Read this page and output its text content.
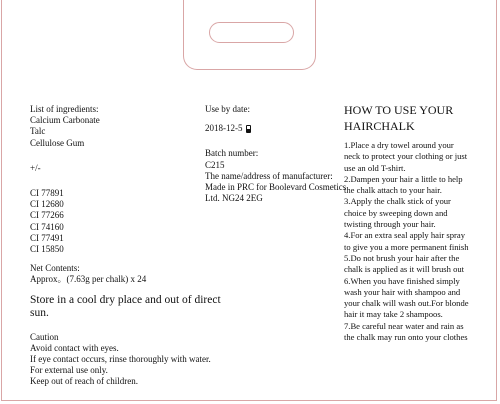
List of ingredients:
Calcium Carbonate
Talc
Cellulose Gum
+/-
CI 77891
CI 12680
CI 77266
CI 74160
CI 77491
CI 15850
Net Contents:
Approx。(7.63g per chalk) x 24
Store in a cool dry place and out of direct
sun.
Caution
Avoid contact with eyes.
If eye contact occurs, rinse thoroughly with water.
For external use only.
Keep out of reach of children.
Use by date:
2018-12-5
Batch number:
C215
The name/address of manufacturer:
Made in PRC for Boolevard Cosmetics
Ltd. NG24 2EG
HOW TO USE YOUR
HAIRCHALK
1.Place a dry towel around your
neck to protect your clothing or just
use an old T-shirt.
2.Dampen your hair a little to help
the chalk attach to your hair.
3.Apply the chalk stick of your
choice by sweeping down and
twisting through your hair.
4.For an extra seal apply hair spray
to give you a more permanent finish
5.Do not brush your hair after the
chalk is applied as it will brush out
6.When you have finished simply
wash your hair with shampoo and
your chalk will wash out.For blonde
hair it may take 2 shampoos.
7.Be careful near water and rain as
the chalk may run onto your clothes
